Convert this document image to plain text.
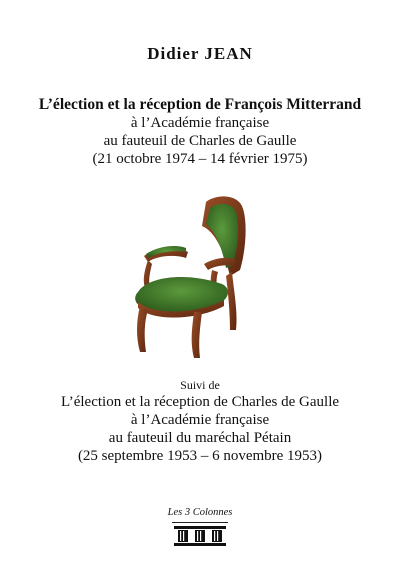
Didier JEAN
L’élection et la réception de François Mitterrand
à l’Académie française
au fauteuil de Charles de Gaulle
(21 octobre 1974 – 14 février 1975)
Suivi de
L’élection et la réception de Charles de Gaulle
à l’Académie française
au fauteuil du maréchal Pétain
(25 septembre 1953 – 6 novembre 1953)
Les 3 Colonnes
